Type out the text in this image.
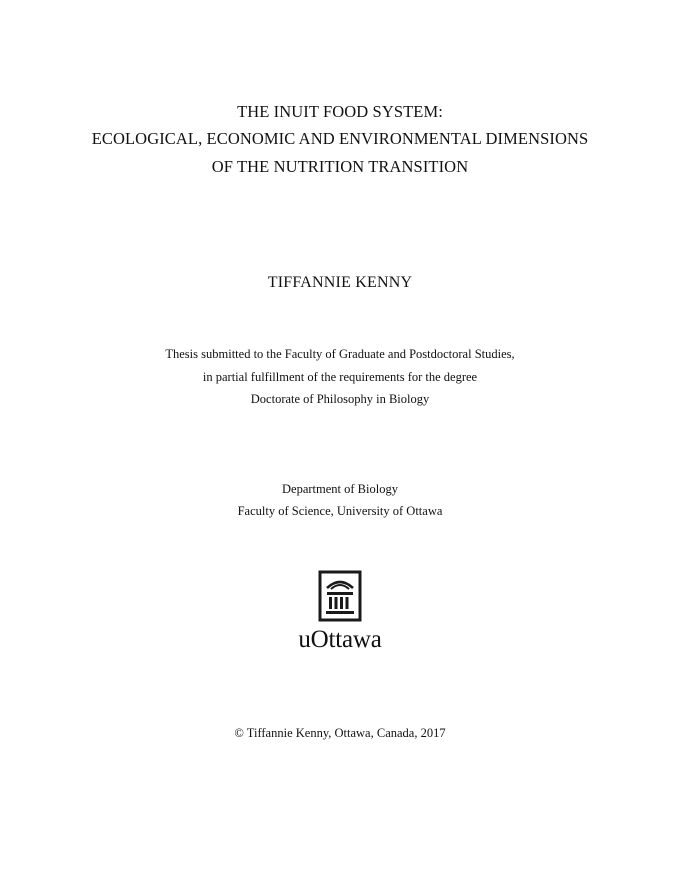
THE INUIT FOOD SYSTEM:
ECOLOGICAL, ECONOMIC AND ENVIRONMENTAL DIMENSIONS
OF THE NUTRITION TRANSITION
TIFFANNIE KENNY
Thesis submitted to the Faculty of Graduate and Postdoctoral Studies,
in partial fulfillment of the requirements for the degree
Doctorate of Philosophy in Biology
Department of Biology
Faculty of Science, University of Ottawa
uOttawa
© Tiffannie Kenny, Ottawa, Canada, 2017
